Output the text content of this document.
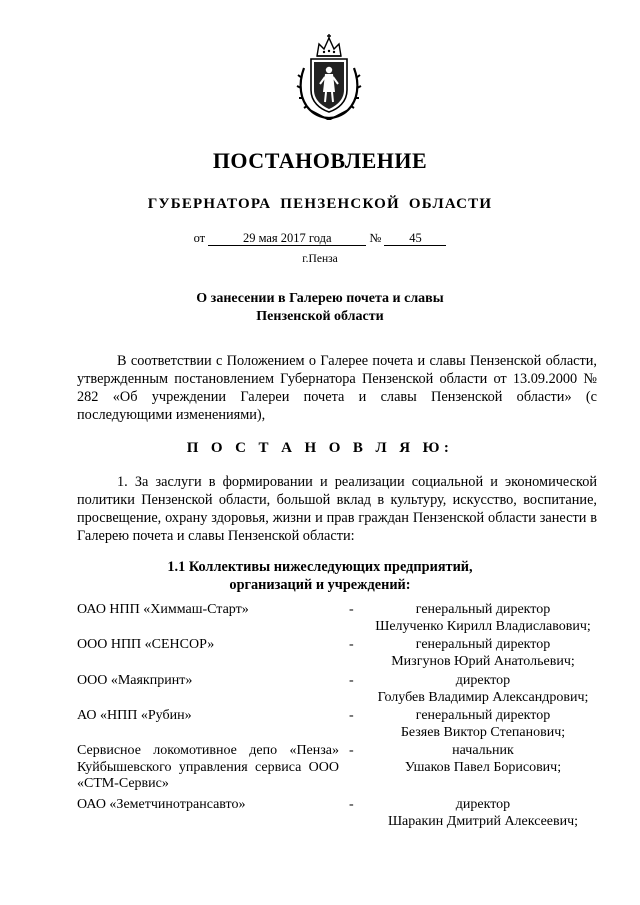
ПОСТАНОВЛЕНИЕ
ГУБЕРНАТОРА ПЕНЗЕНСКОЙ ОБЛАСТИ
от	29 мая 2017 года	№ 45
г.Пенза
О занесении в Галерею почета и славы
Пензенской области

В соответствии с Положением о Галерее почета и славы Пензенской области, утвержденным постановлением Губернатора Пензенской области от 13.09.2000 № 282 «Об учреждении Галереи почета и славы Пензенской области» (с последующими изменениями),

П О С Т А Н О В Л Я Ю:

1. За заслуги в формировании и реализации социальной и экономической политики Пензенской области, большой вклад в культуру, искусство, воспитание, просвещение, охрану здоровья, жизни и прав граждан Пензенской области занести в Галерею почета и славы Пензенской области:

1.1 Коллективы нижеследующих предприятий,
организаций и учреждений:
ОАО НПП «Химмаш-Старт»	-	генеральный директор
Шелученко Кирилл Владиславович;
ООО НПП «СЕНСОР»	-	генеральный директор
Мизгунов Юрий Анатольевич;
ООО «Маякпринт»	-	директор
Голубев Владимир Александрович;
АО «НПП «Рубин»	-	генеральный директор
Безяев Виктор Степанович;
Сервисное локомотивное депо «Пенза» Куйбышевского управления сервиса ООО «СТМ-Сервис»
-	начальник
Ушаков Павел Борисович;
ОАО «Земетчинотрансавто»	-	директор
Шаракин Дмитрий Алексеевич;
